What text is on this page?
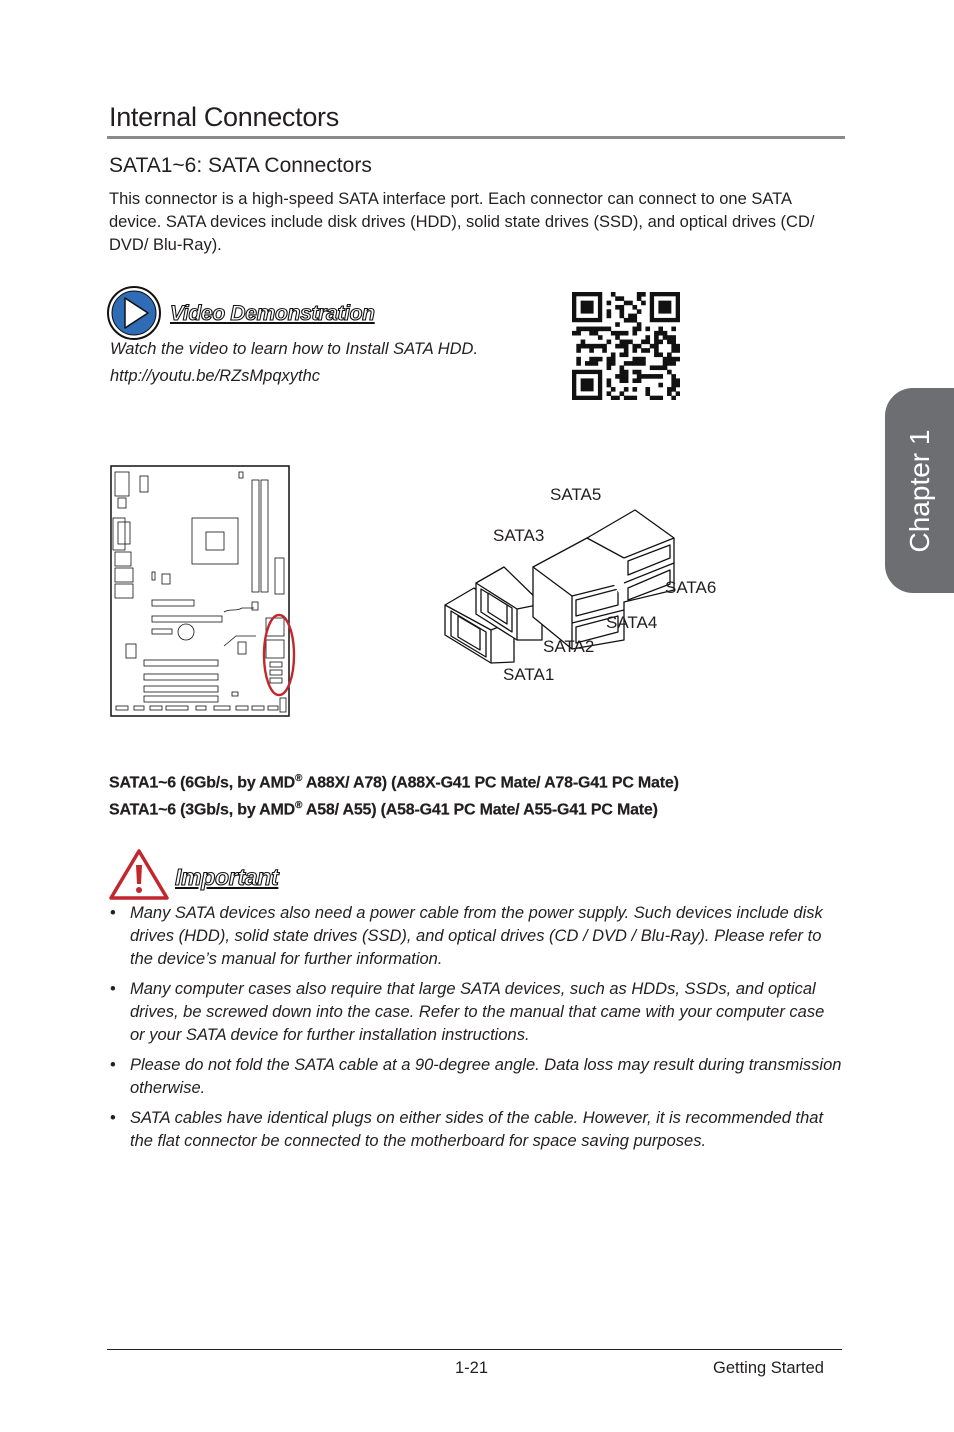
Internal Connectors
SATA1~6: SATA Connectors
This connector is a high-speed SATA interface port. Each connector can connect to one SATA device. SATA devices include disk drives (HDD), solid state drives (SSD), and optical drives (CD/ DVD/ Blu-Ray).
Video Demonstration
Watch the video to learn how to Install SATA HDD.
http://youtu.be/RZsMpqxythc
SATA5
SATA3
SATA6
SATA4
SATA2
SATA1
SATA1~6 (6Gb/s, by AMD® A88X/ A78) (A88X-G41 PC Mate/ A78-G41 PC Mate)
SATA1~6 (3Gb/s, by AMD® A58/ A55) (A58-G41 PC Mate/ A55-G41 PC Mate)
Important
• Many SATA devices also need a power cable from the power supply. Such devices include disk drives (HDD), solid state drives (SSD), and optical drives (CD / DVD / Blu-Ray). Please refer to the device’s manual for further information.
• Many computer cases also require that large SATA devices, such as HDDs, SSDs, and optical drives, be screwed down into the case. Refer to the manual that came with your computer case or your SATA device for further installation instructions.
• Please do not fold the SATA cable at a 90-degree angle. Data loss may result during transmission otherwise.
• SATA cables have identical plugs on either sides of the cable. However, it is recommended that the flat connector be connected to the motherboard for space saving purposes.
1-21	Getting Started
Chapter 1
